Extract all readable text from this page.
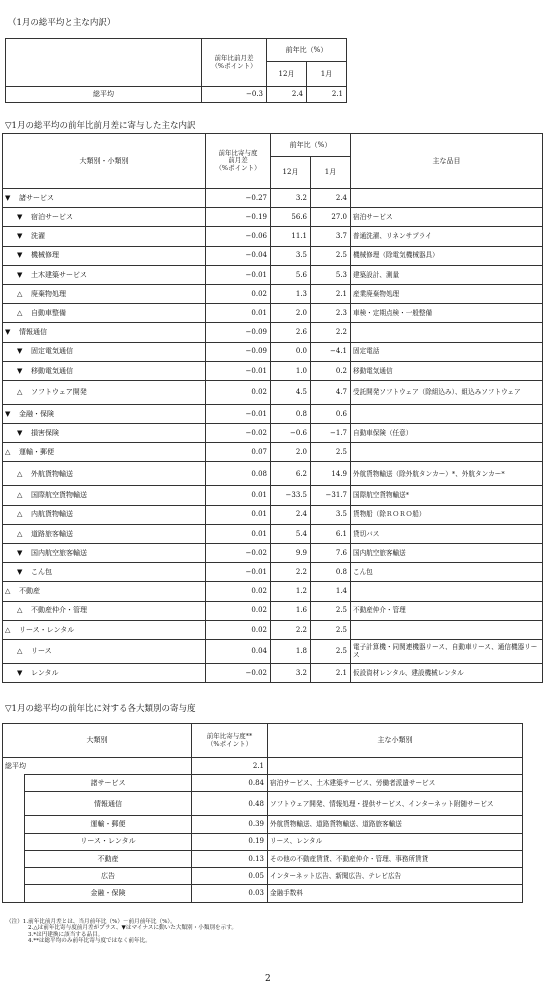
（1月の総平均と主な内訳）
	前年比前月差
（%ポイント）	前年比（%）	
		12月	1月
総平均	−0.3	2.4	2.1
▽1月の総平均の前年比前月差に寄与した主な内訳
大類別・小類別	前年比寄与度
前月差
（%ポイント）	前年比（%）		主な品目
		12月	1月	
▼ 諸サービス	−0.27	3.2	2.4	
▼ 宿泊サービス	−0.19	56.6	27.0	宿泊サービス
▼ 洗濯	−0.06	11.1	3.7	普通洗濯、リネンサプライ
▼ 機械修理	−0.04	3.5	2.5	機械修理（除電気機械器具）
▼ 土木建築サービス	−0.01	5.6	5.3	建築設計、測量
△ 廃棄物処理	0.02	1.3	2.1	産業廃棄物処理
△ 自動車整備	0.01	2.0	2.3	車検・定期点検・一般整備
▼ 情報通信	−0.09	2.6	2.2	
▼ 固定電気通信	−0.09	0.0	−4.1	固定電話
▼ 移動電気通信	−0.01	1.0	0.2	移動電気通信
△ ソフトウェア開発	0.02	4.5	4.7	受託開発ソフトウェア（除組込み）、組込みソフトウェア
▼ 金融・保険	−0.01	0.8	0.6	
▼ 損害保険	−0.02	−0.6	−1.7	自動車保険（任意）
△ 運輸・郵便	0.07	2.0	2.5	
△ 外航貨物輸送	0.08	6.2	14.9	外航貨物輸送（除外航タンカー）*、外航タンカー*
△ 国際航空貨物輸送	0.01	−33.5	−31.7	国際航空貨物輸送*
△ 内航貨物輸送	0.01	2.4	3.5	貨物船（除ＲＯＲＯ船）
△ 道路旅客輸送	0.01	5.4	6.1	貸切バス
▼ 国内航空旅客輸送	−0.02	9.9	7.6	国内航空旅客輸送
▼ こん包	−0.01	2.2	0.8	こん包
△ 不動産	0.02	1.2	1.4	
△ 不動産仲介・管理	0.02	1.6	2.5	不動産仲介・管理
△ リース・レンタル	0.02	2.2	2.5	
△ リース	0.04	1.8	2.5	電子計算機・同関連機器リース、自動車リース、通信機器リース
▼ レンタル	−0.02	3.2	2.1	仮設資材レンタル、建設機械レンタル
▽1月の総平均の前年比に対する各大類別の寄与度
大類別		前年比寄与度**
（%ポイント）	主な小類別
総平均		2.1	
	諸サービス	0.84	宿泊サービス、土木建築サービス、労働者派遣サービス
	情報通信	0.48	ソフトウェア開発、情報処理・提供サービス、インターネット附随サービス
	運輸・郵便	0.39	外航貨物輸送、道路貨物輸送、道路旅客輸送
	リース・レンタル	0.19	リース、レンタル
	不動産	0.13	その他の不動産賃貸、不動産仲介・管理、事務所賃貸
	広告	0.05	インターネット広告、新聞広告、テレビ広告
	金融・保険	0.03	金融手数料
（注）1.前年比前月差とは、当月前年比（%）－前月前年比（%）。
2.△は前年比寄与度前月差がプラス、▼はマイナスに動いた大類別・小類別を示す。
3.*は円建換に該当する品目。
4.**は総平均のみ前年比寄与度ではなく前年比。
2
